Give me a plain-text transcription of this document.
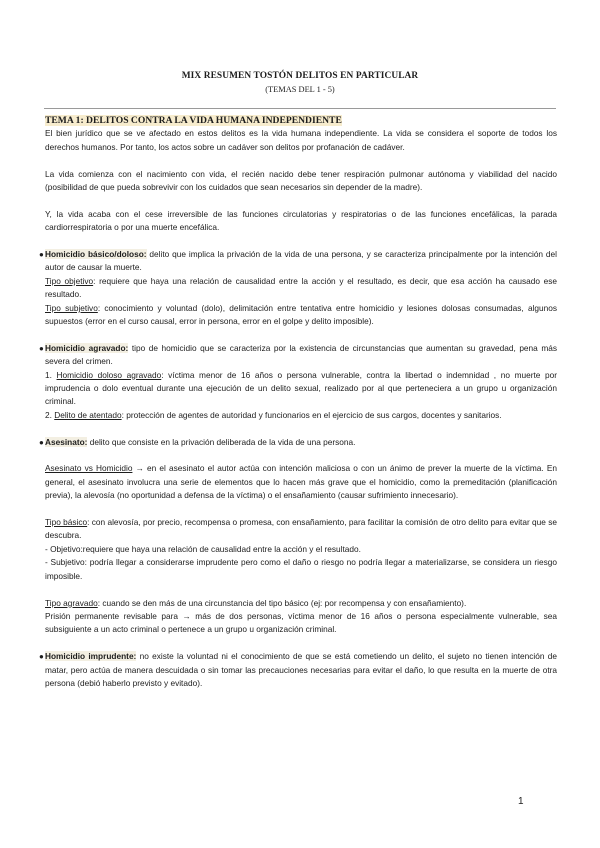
MIX RESUMEN TOSTÓN DELITOS EN PARTICULAR
(TEMAS DEL 1 - 5)

TEMA 1: DELITOS CONTRA LA VIDA HUMANA INDEPENDIENTE

El bien jurídico que se ve afectado en estos delitos es la vida humana independiente. La vida se considera el soporte de todos los derechos humanos. Por tanto, los actos sobre un cadáver son delitos por profanación de cadáver.

La vida comienza con el nacimiento con vida, el recién nacido debe tener respiración pulmonar autónoma y viabilidad del nacido (posibilidad de que pueda sobrevivir con los cuidados que sean necesarios sin depender de la madre).

Y, la vida acaba con el cese irreversible de las funciones circulatorias y respiratorias o de las funciones encefálicas, la parada cardiorrespiratoria o por una muerte encefálica.

● Homicidio básico/doloso: delito que implica la privación de la vida de una persona, y se caracteriza principalmente por la intención del autor de causar la muerte.

Tipo objetivo: requiere que haya una relación de causalidad entre la acción y el resultado, es decir, que esa acción ha causado ese resultado.

Tipo subjetivo: conocimiento y voluntad (dolo), delimitación entre tentativa entre homicidio y lesiones dolosas consumadas, algunos supuestos (error en el curso causal, error in persona, error en el golpe y delito imposible).

● Homicidio agravado: tipo de homicidio que se caracteriza por la existencia de circunstancias que aumentan su gravedad, pena más severa del crimen.

1. Homicidio doloso agravado: víctima menor de 16 años o persona vulnerable, contra la libertad o indemnidad , no muerte por imprudencia o dolo eventual durante una ejecución de un delito sexual, realizado por al que perteneciera a un grupo u organización criminal.

2. Delito de atentado: protección de agentes de autoridad y funcionarios en el ejercicio de sus cargos, docentes y sanitarios.

● Asesinato: delito que consiste en la privación deliberada de la vida de una persona.

Asesinato vs Homicidio → en el asesinato el autor actúa con intención maliciosa o con un ánimo de prever la muerte de la víctima. En general, el asesinato involucra una serie de elementos que lo hacen más grave que el homicidio, como la premeditación (planificación previa), la alevosía (no oportunidad a defensa de la víctima) o el ensañamiento (causar sufrimiento innecesario).

Tipo básico: con alevosía, por precio, recompensa o promesa, con ensañamiento, para facilitar la comisión de otro delito para evitar que se descubra.

- Objetivo:requiere que haya una relación de causalidad entre la acción y el resultado.

- Subjetivo: podría llegar a considerarse imprudente pero como el daño o riesgo no podría llegar a materializarse, se considera un riesgo imposible.

Tipo agravado: cuando se den más de una circunstancia del tipo básico (ej: por recompensa y con ensañamiento).

Prisión permanente revisable para → más de dos personas, víctima menor de 16 años o persona especialmente vulnerable, sea subsiguiente a un acto criminal o pertenece a un grupo u organización criminal.

● Homicidio imprudente: no existe la voluntad ni el conocimiento de que se está cometiendo un delito, el sujeto no tienen intención de matar, pero actúa de manera descuidada o sin tomar las precauciones necesarias para evitar el daño, lo que resulta en la muerte de otra persona (debió haberlo previsto y evitado).

1
